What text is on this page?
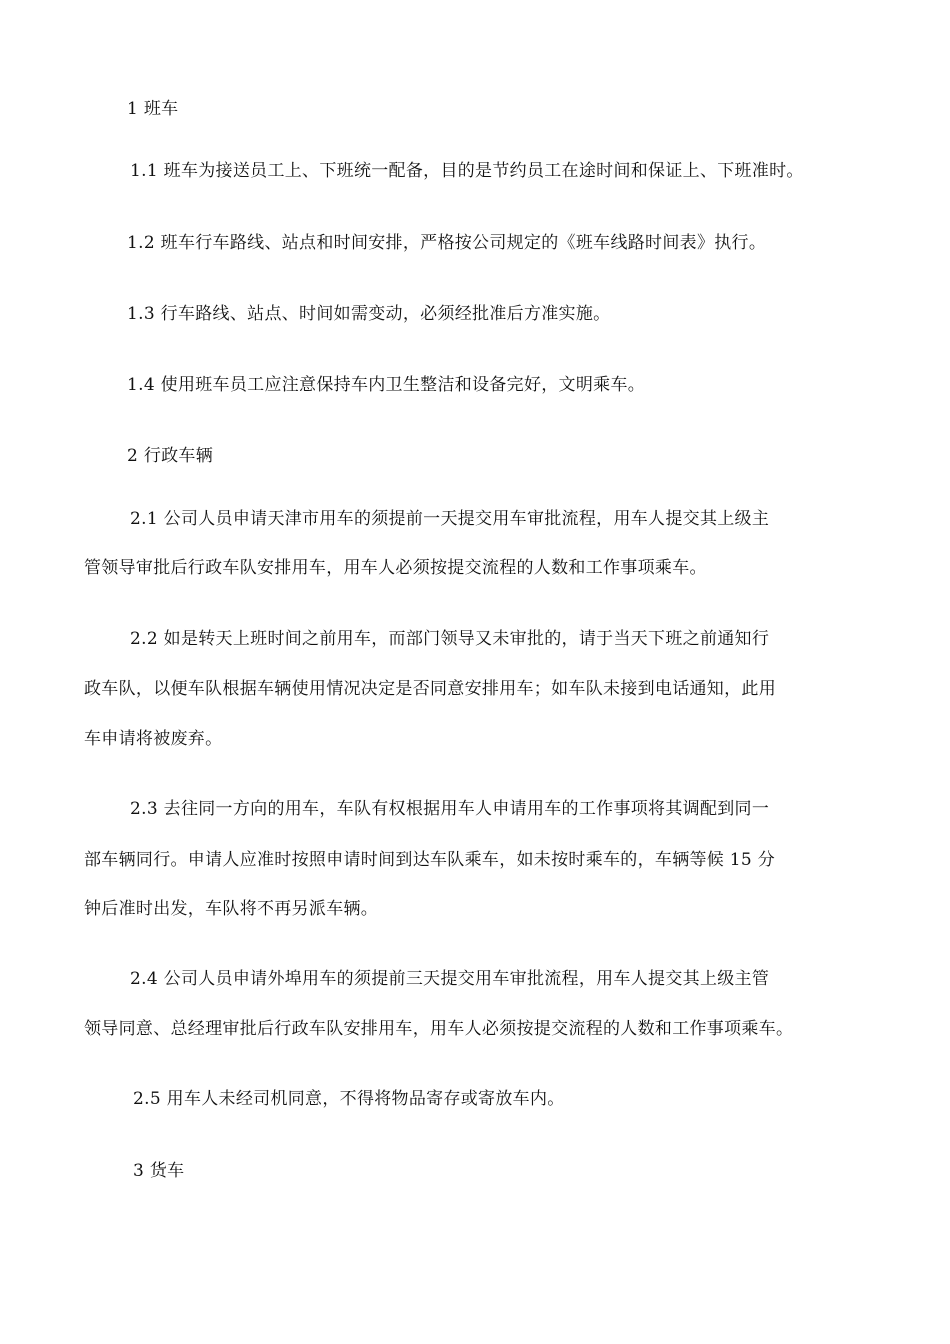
1 班车
1.1 班车为接送员工上、下班统一配备，目的是节约员工在途时间和保证上、下班准时。
1.2 班车行车路线、站点和时间安排，严格按公司规定的《班车线路时间表》执行。
1.3 行车路线、站点、时间如需变动，必须经批准后方准实施。
1.4 使用班车员工应注意保持车内卫生整洁和设备完好，文明乘车。
2 行政车辆
2.1 公司人员申请天津市用车的须提前一天提交用车审批流程，用车人提交其上级主
管领导审批后行政车队安排用车，用车人必须按提交流程的人数和工作事项乘车。
2.2 如是转天上班时间之前用车，而部门领导又未审批的，请于当天下班之前通知行
政车队，以便车队根据车辆使用情况决定是否同意安排用车；如车队未接到电话通知，此用
车申请将被废弃。
2.3 去往同一方向的用车，车队有权根据用车人申请用车的工作事项将其调配到同一
部车辆同行。申请人应准时按照申请时间到达车队乘车，如未按时乘车的，车辆等候 15 分
钟后准时出发，车队将不再另派车辆。
2.4 公司人员申请外埠用车的须提前三天提交用车审批流程，用车人提交其上级主管
领导同意、总经理审批后行政车队安排用车，用车人必须按提交流程的人数和工作事项乘车。
2.5 用车人未经司机同意，不得将物品寄存或寄放车内。
3 货车
